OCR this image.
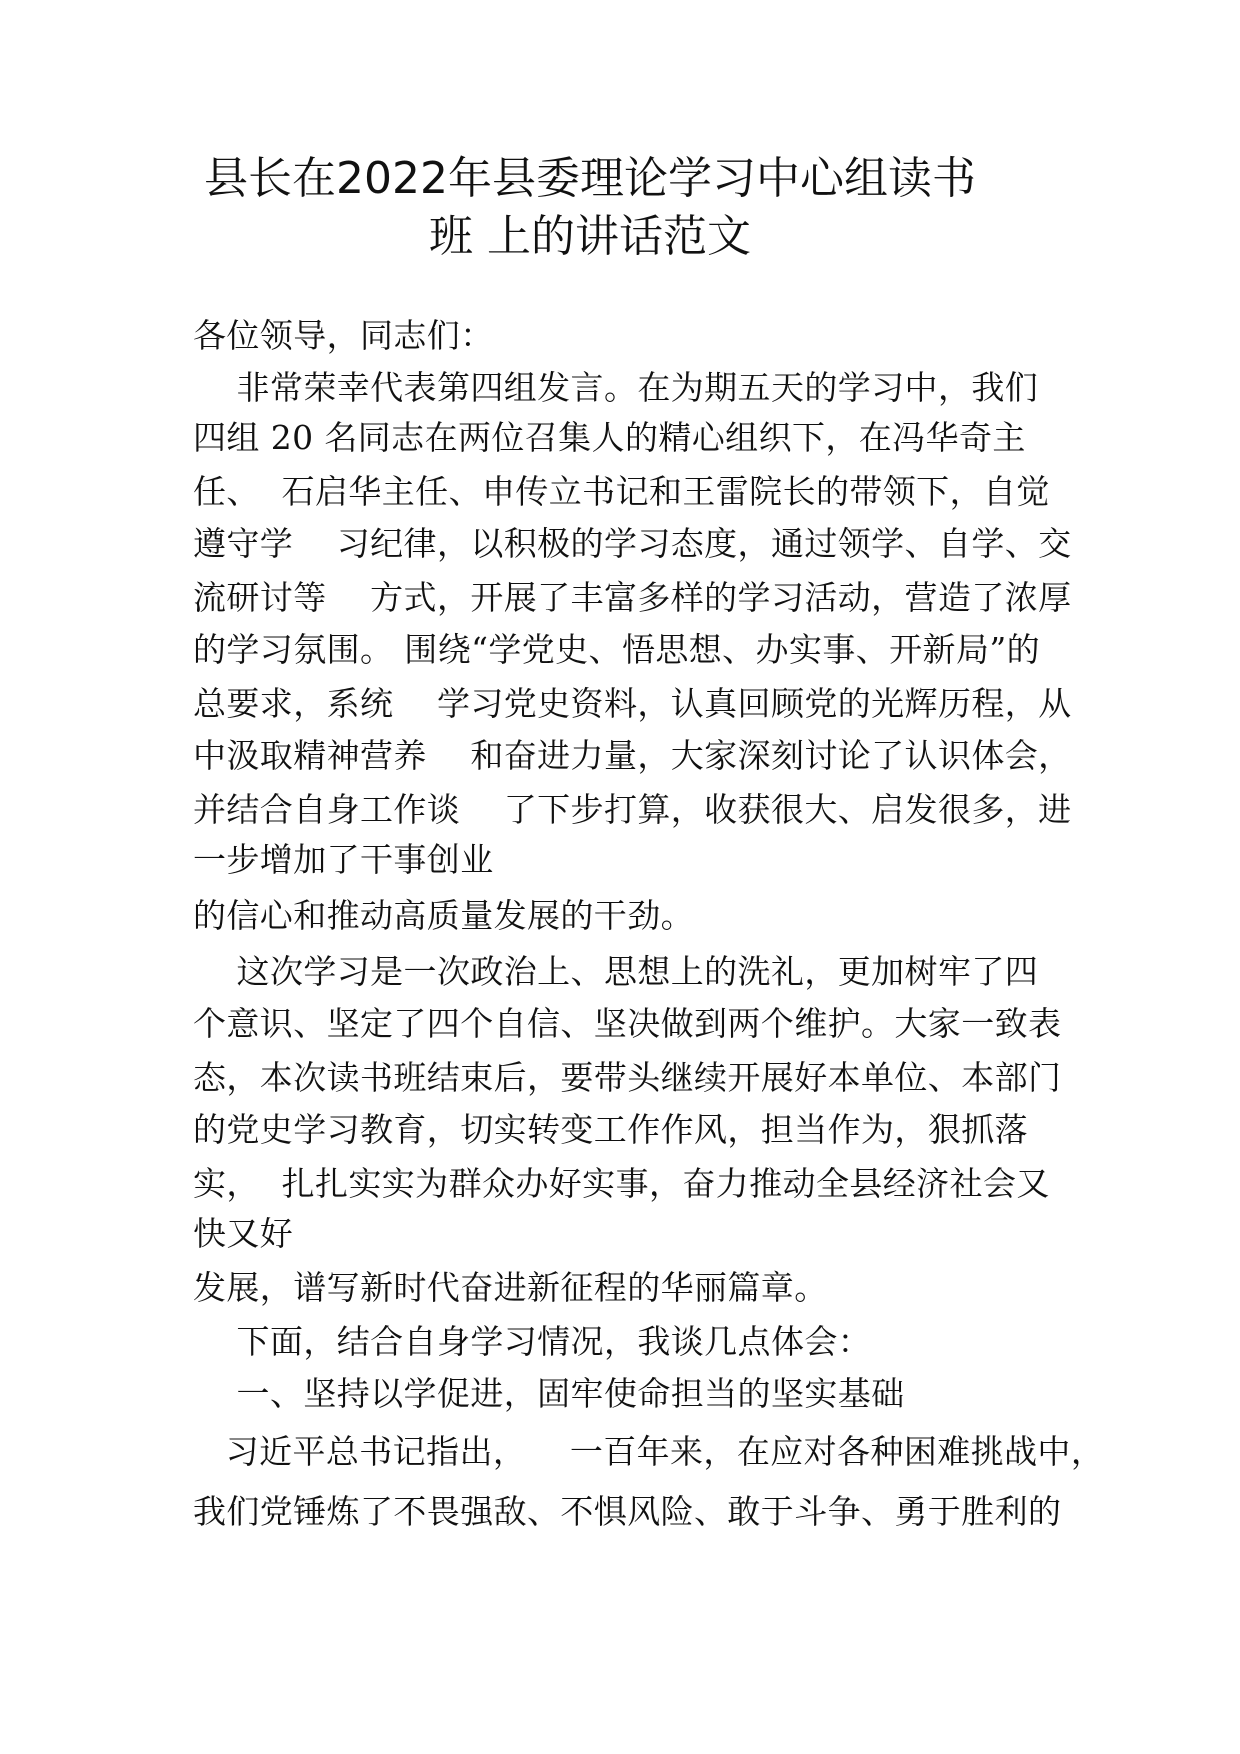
县长在2022年县委理论学习中心组读书
班 上的讲话范文
各位领导，同志们：
非常荣幸代表第四组发言。在为期五天的学习中，我们
四组 20 名同志在两位召集人的精心组织下，在冯华奇主
任、  石启华主任、申传立书记和王雷院长的带领下，自觉
遵守学    习纪律，以积极的学习态度，通过领学、自学、交
流研讨等    方式，开展了丰富多样的学习活动，营造了浓厚
的学习氛围。 围绕“学党史、悟思想、办实事、开新局”的
总要求，系统    学习党史资料，认真回顾党的光辉历程，从
中汲取精神营养    和奋进力量，大家深刻讨论了认识体会，
并结合自身工作谈    了下步打算，收获很大、启发很多，进
一步增加了干事创业
的信心和推动高质量发展的干劲。
这次学习是一次政治上、思想上的洗礼，更加树牢了四
个意识、坚定了四个自信、坚决做到两个维护。大家一致表
态，本次读书班结束后，要带头继续开展好本单位、本部门
的党史学习教育，切实转变工作作风，担当作为，狠抓落
实，  扎扎实实为群众办好实事，奋力推动全县经济社会又
快又好
发展，谱写新时代奋进新征程的华丽篇章。
下面，结合自身学习情况，我谈几点体会：
一、坚持以学促进，固牢使命担当的坚实基础
习近平总书记指出，    一百年来，在应对各种困难挑战中，
我们党锤炼了不畏强敌、不惧风险、敢于斗争、勇于胜利的
